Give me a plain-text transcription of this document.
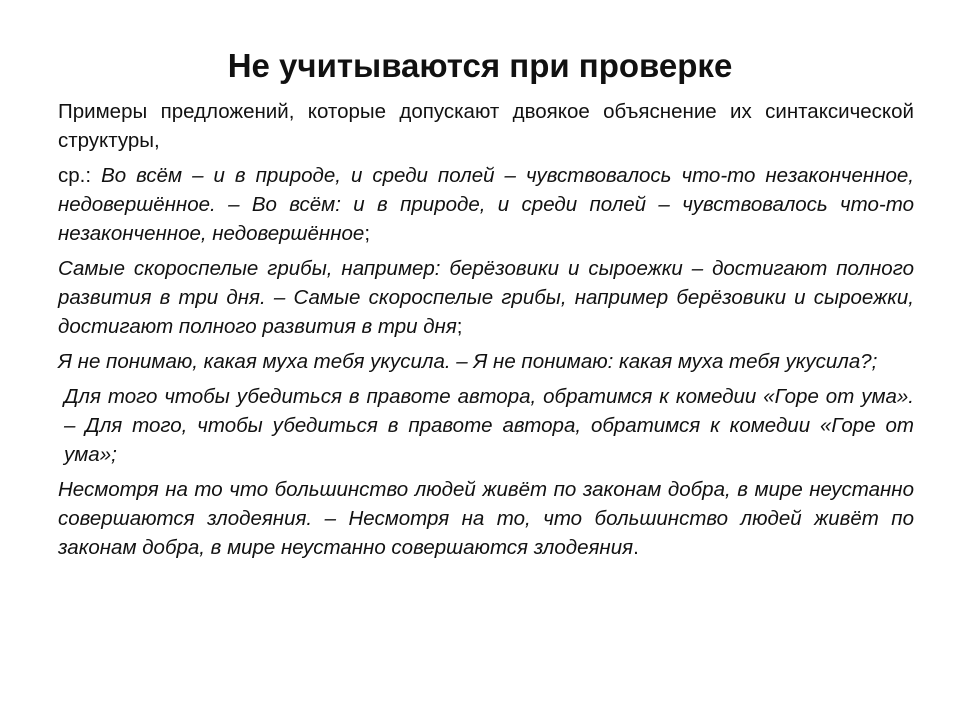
Не учитываются при проверке

Примеры предложений, которые допускают двоякое объяснение их синтаксической структуры,

ср.: Во всём – и в природе, и среди полей – чувствовалось что-то незаконченное, недовершённое. – Во всём: и в природе, и среди полей – чувствовалось что-то незаконченное, недовершённое;

Самые скороспелые грибы, например: берёзовики и сыроежки – достигают полного развития в три дня. – Самые скороспелые грибы, например берёзовики и сыроежки, достигают полного развития в три дня;

Я не понимаю, какая муха тебя укусила. – Я не понимаю: какая муха тебя укусила?;

Для того чтобы убедиться в правоте автора, обратимся к комедии «Горе от ума». – Для того, чтобы убедиться в правоте автора, обратимся к комедии «Горе от ума»;

Несмотря на то что большинство людей живёт по законам добра, в мире неустанно совершаются злодеяния. – Несмотря на то, что большинство людей живёт по законам добра, в мире неустанно совершаются злодеяния.
